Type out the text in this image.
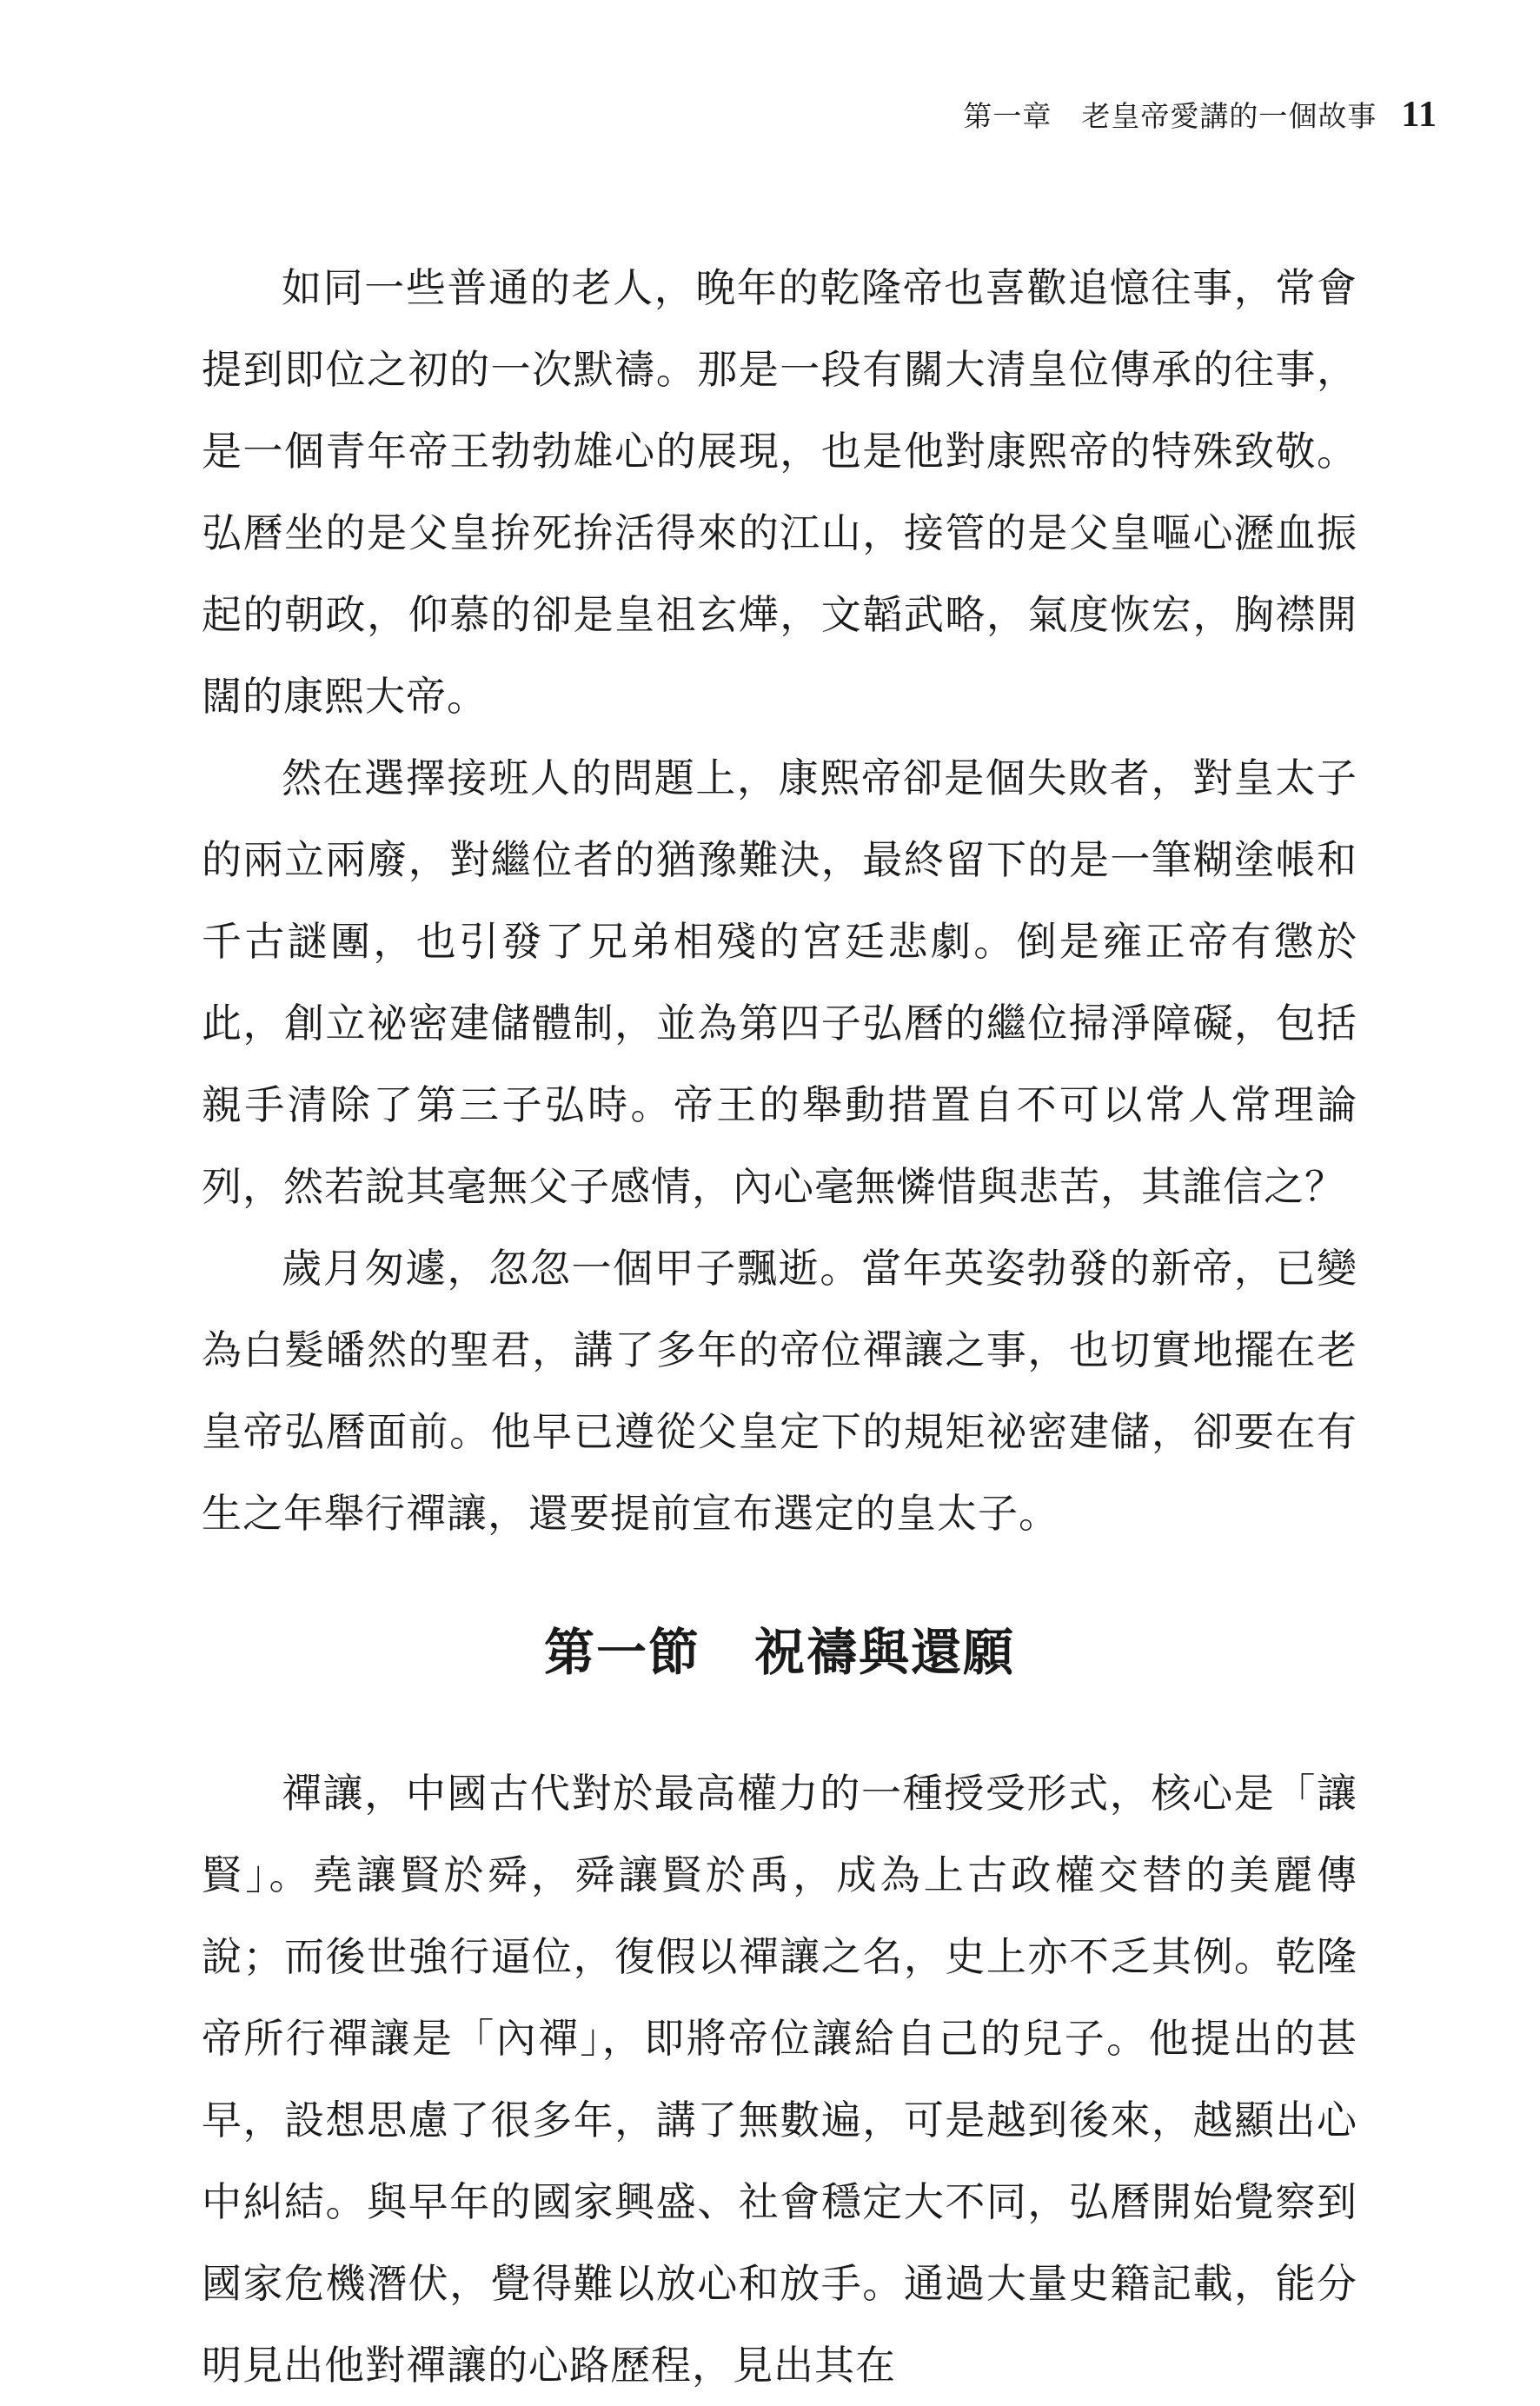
第一章　老皇帝愛講的一個故事 11

如同一些普通的老人，晚年的乾隆帝也喜歡追憶往事，常會提到即位之初的一次默禱。那是一段有關大清皇位傳承的往事，是一個青年帝王勃勃雄心的展現，也是他對康熙帝的特殊致敬。弘曆坐的是父皇拚死拚活得來的江山，接管的是父皇嘔心瀝血振起的朝政，仰慕的卻是皇祖玄燁，文韜武略，氣度恢宏，胸襟開闊的康熙大帝。

然在選擇接班人的問題上，康熙帝卻是個失敗者，對皇太子的兩立兩廢，對繼位者的猶豫難決，最終留下的是一筆糊塗帳和千古謎團，也引發了兄弟相殘的宮廷悲劇。倒是雍正帝有懲於此，創立祕密建儲體制，並為第四子弘曆的繼位掃淨障礙，包括親手清除了第三子弘時。帝王的舉動措置自不可以常人常理論列，然若說其毫無父子感情，內心毫無憐惜與悲苦，其誰信之？

歲月匆遽，忽忽一個甲子飄逝。當年英姿勃發的新帝，已變為白髮皤然的聖君，講了多年的帝位禪讓之事，也切實地擺在老皇帝弘曆面前。他早已遵從父皇定下的規矩祕密建儲，卻要在有生之年舉行禪讓，還要提前宣布選定的皇太子。

第一節 祝禱與還願

禪讓，中國古代對於最高權力的一種授受形式，核心是「讓賢」。堯讓賢於舜，舜讓賢於禹，成為上古政權交替的美麗傳說；而後世強行逼位，復假以禪讓之名，史上亦不乏其例。乾隆帝所行禪讓是「內禪」，即將帝位讓給自己的兒子。他提出的甚早，設想思慮了很多年，講了無數遍，可是越到後來，越顯出心中糾結。與早年的國家興盛、社會穩定大不同，弘曆開始覺察到國家危機潛伏，覺得難以放心和放手。通過大量史籍記載，能分明見出他對禪讓的心路歷程，見出其在
